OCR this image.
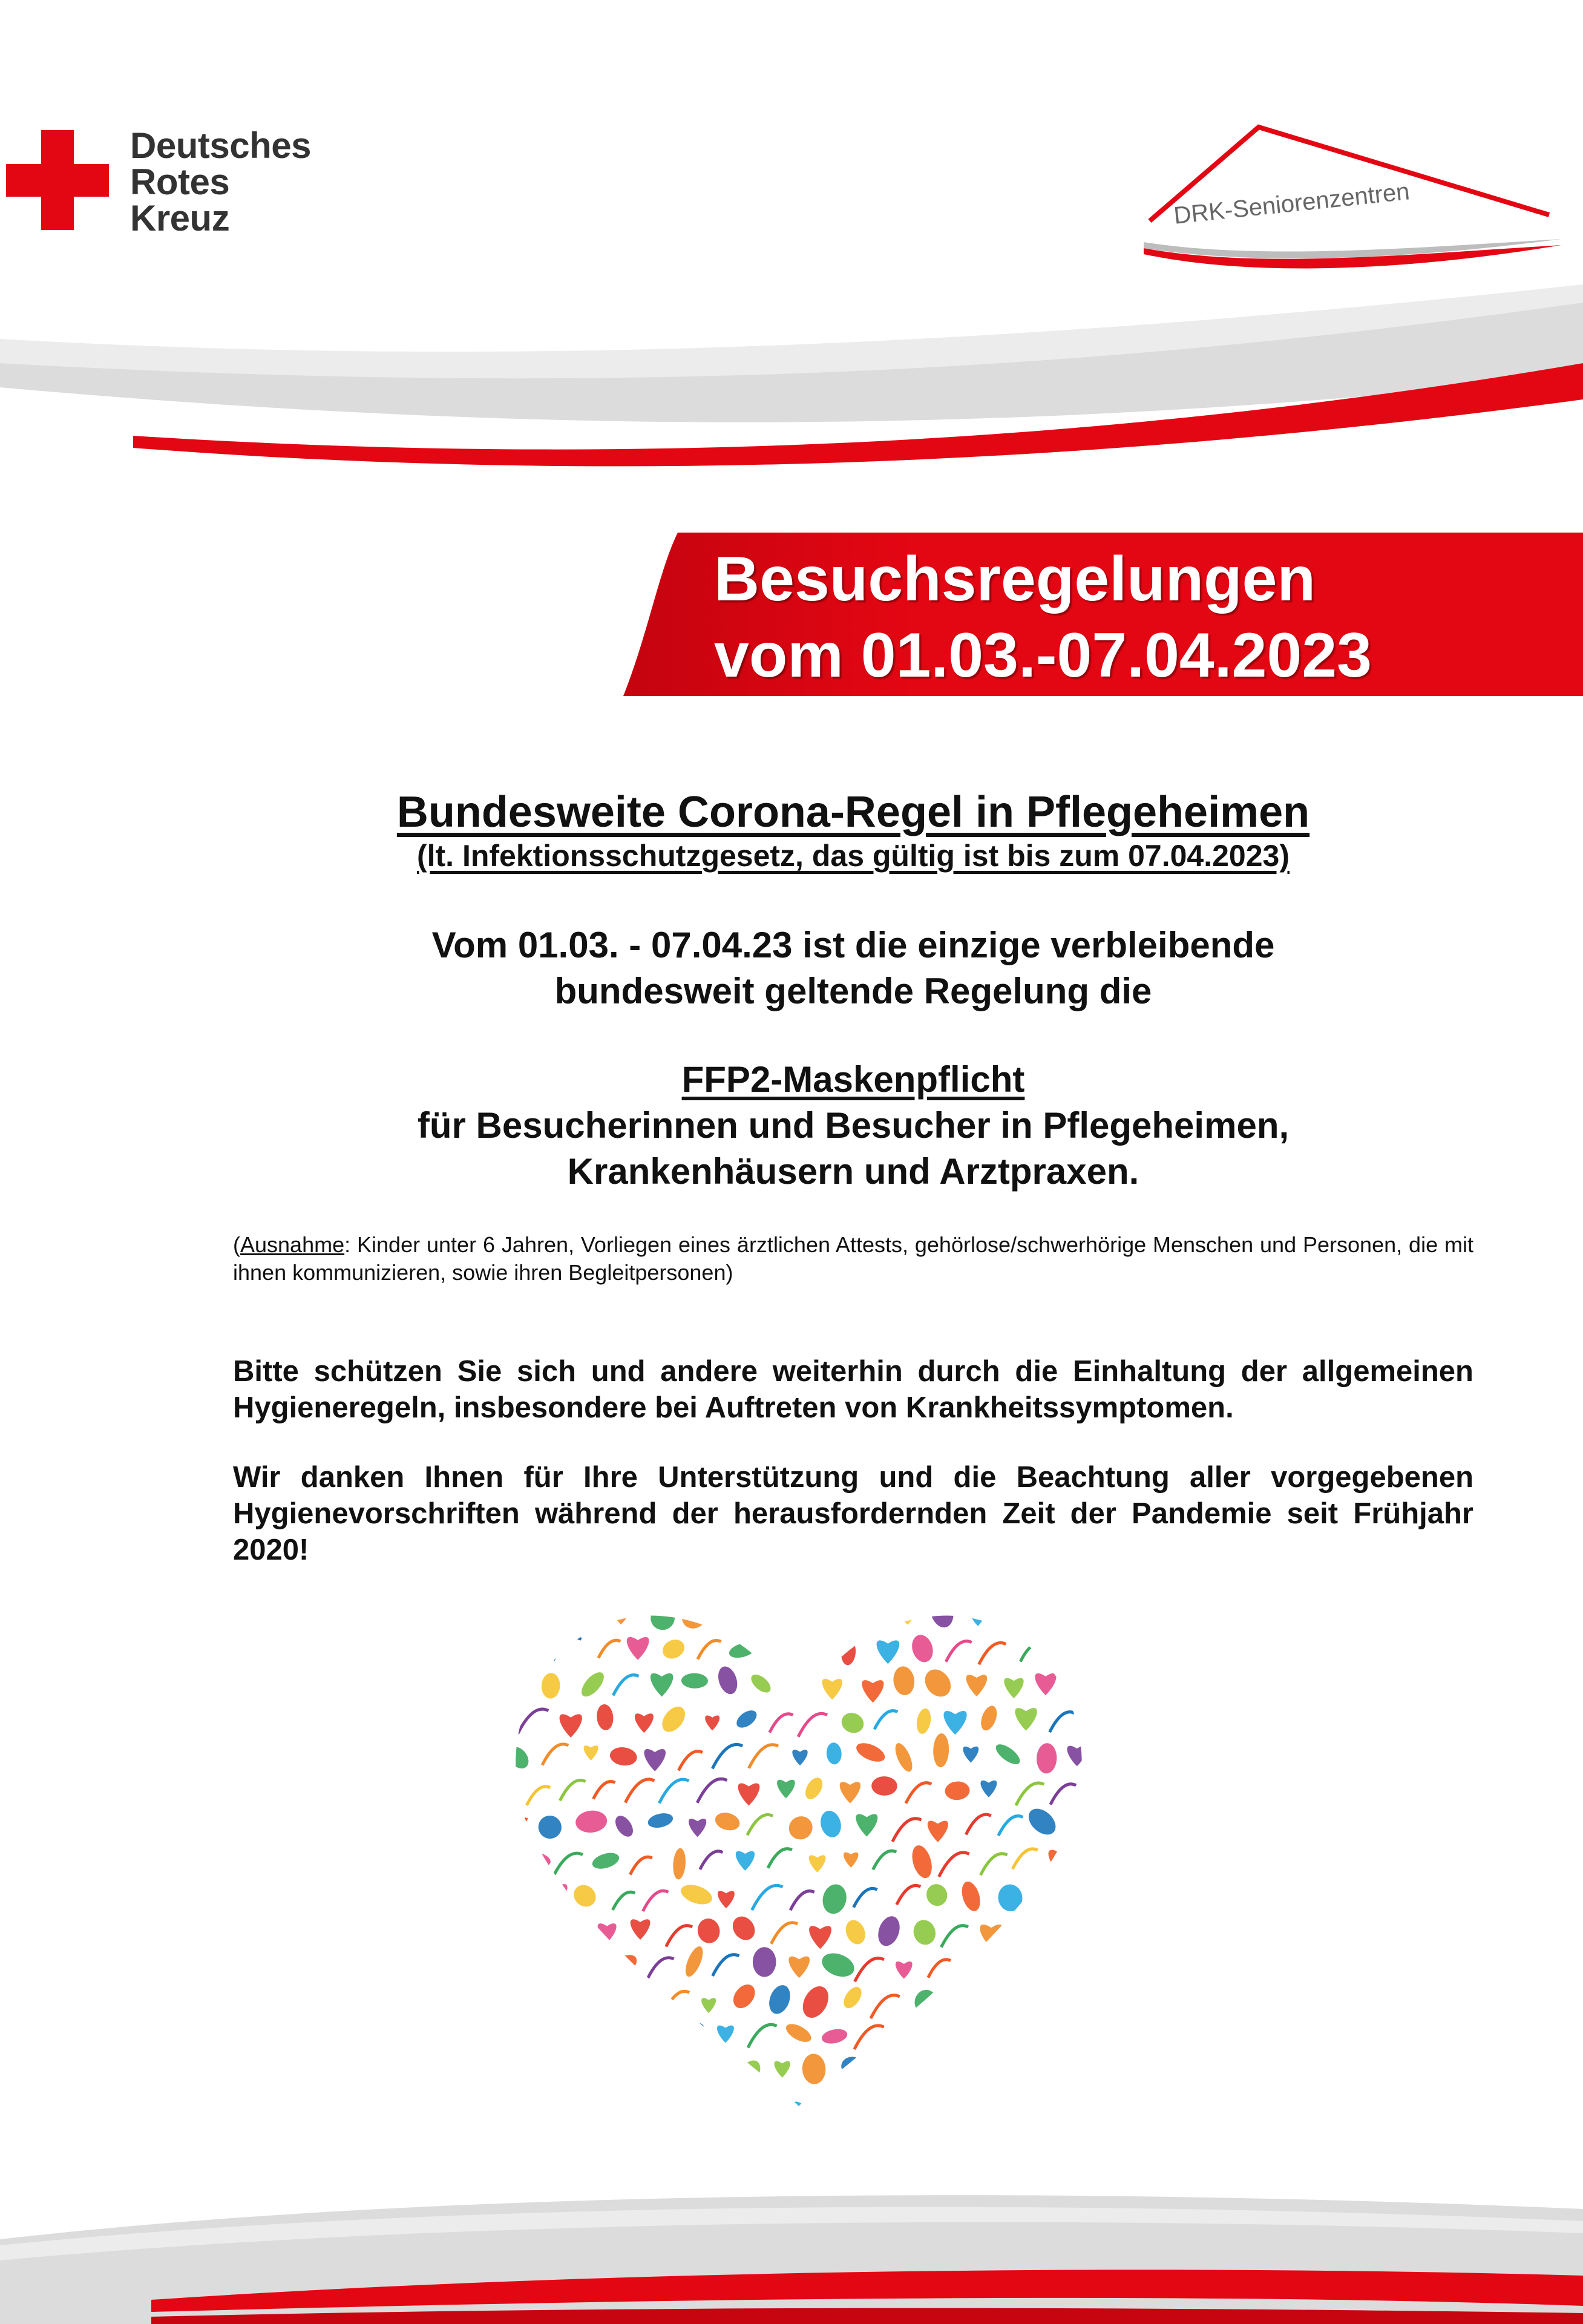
Deutsches
Rotes
Kreuz	DRK-Seniorenzentren
Besuchsregelungen
vom 01.03.-07.04.2023
Bundesweite Corona-Regel in Pflegeheimen
(lt. Infektionsschutzgesetz, das gültig ist bis zum 07.04.2023)
Vom 01.03. - 07.04.23 ist die einzige verbleibende
bundesweit geltende Regelung die
FFP2-Maskenpflicht
für Besucherinnen und Besucher in Pflegeheimen,
Krankenhäusern und Arztpraxen.
(Ausnahme: Kinder unter 6 Jahren, Vorliegen eines ärztlichen Attests, gehörlose/schwerhörige Menschen und Personen, die mit ihnen kommunizieren, sowie ihren Begleitpersonen)
Bitte schützen Sie sich und andere weiterhin durch die Einhaltung der allgemeinen Hygieneregeln, insbesondere bei Auftreten von Krankheitssymptomen.
Wir danken Ihnen für Ihre Unterstützung und die Beachtung aller vorgegebenen Hygienevorschriften während der herausfordernden Zeit der Pandemie seit Frühjahr 2020!
